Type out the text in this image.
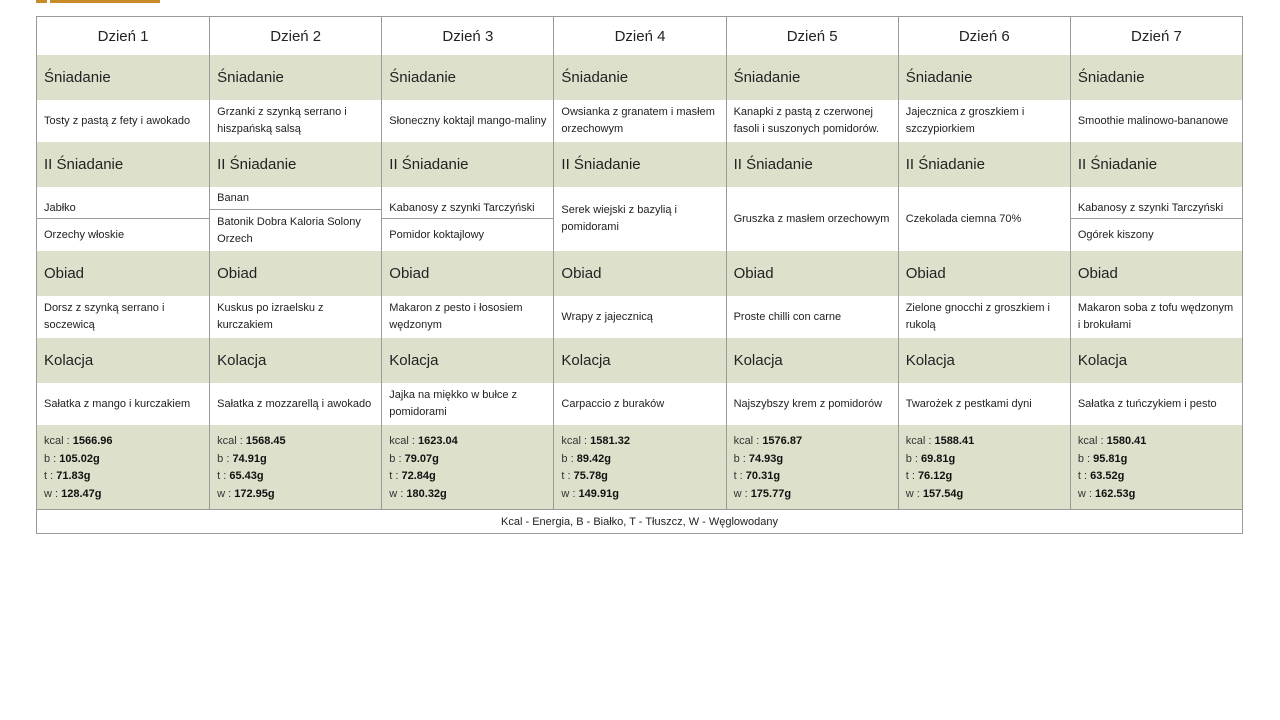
Dzień 1
Śniadanie
Tosty z pastą z fety i awokado
II Śniadanie
Jabłko
Orzechy włoskie
Obiad
Dorsz z szynką serrano i soczewicą
Kolacja
Sałatka z mango i kurczakiem
kcal : 1566.96
b : 105.02g
t : 71.83g
w : 128.47g
Dzień 2
Śniadanie
Grzanki z szynką serrano i hiszpańską salsą
II Śniadanie
Banan
Batonik Dobra Kaloria Solony Orzech
Obiad
Kuskus po izraelsku z kurczakiem
Kolacja
Sałatka z mozzarellą i awokado
kcal : 1568.45
b : 74.91g
t : 65.43g
w : 172.95g
Dzień 3
Śniadanie
Słoneczny koktajl mango-maliny
II Śniadanie
Kabanosy z szynki Tarczyński
Pomidor koktajlowy
Obiad
Makaron z pesto i łososiem wędzonym
Kolacja
Jajka na miękko w bułce z pomidorami
kcal : 1623.04
b : 79.07g
t : 72.84g
w : 180.32g
Dzień 4
Śniadanie
Owsianka z granatem i masłem orzechowym
II Śniadanie
Serek wiejski z bazylią i pomidorami
Obiad
Wrapy z jajecznicą
Kolacja
Carpaccio z buraków
kcal : 1581.32
b : 89.42g
t : 75.78g
w : 149.91g
Dzień 5
Śniadanie
Kanapki z pastą z czerwonej fasoli i suszonych pomidorów.
II Śniadanie
Gruszka z masłem orzechowym
Obiad
Proste chilli con carne
Kolacja
Najszybszy krem z pomidorów
kcal : 1576.87
b : 74.93g
t : 70.31g
w : 175.77g
Dzień 6
Śniadanie
Jajecznica z groszkiem i szczypiorkiem
II Śniadanie
Czekolada ciemna 70%
Obiad
Zielone gnocchi z groszkiem i rukolą
Kolacja
Twarożek z pestkami dyni
kcal : 1588.41
b : 69.81g
t : 76.12g
w : 157.54g
Dzień 7
Śniadanie
Smoothie malinowo-bananowe
II Śniadanie
Kabanosy z szynki Tarczyński
Ogórek kiszony
Obiad
Makaron soba z tofu wędzonym i brokułami
Kolacja
Sałatka z tuńczykiem i pesto
kcal : 1580.41
b : 95.81g
t : 63.52g
w : 162.53g
Kcal - Energia, B - Białko, T - Tłuszcz, W - Węglowodany
